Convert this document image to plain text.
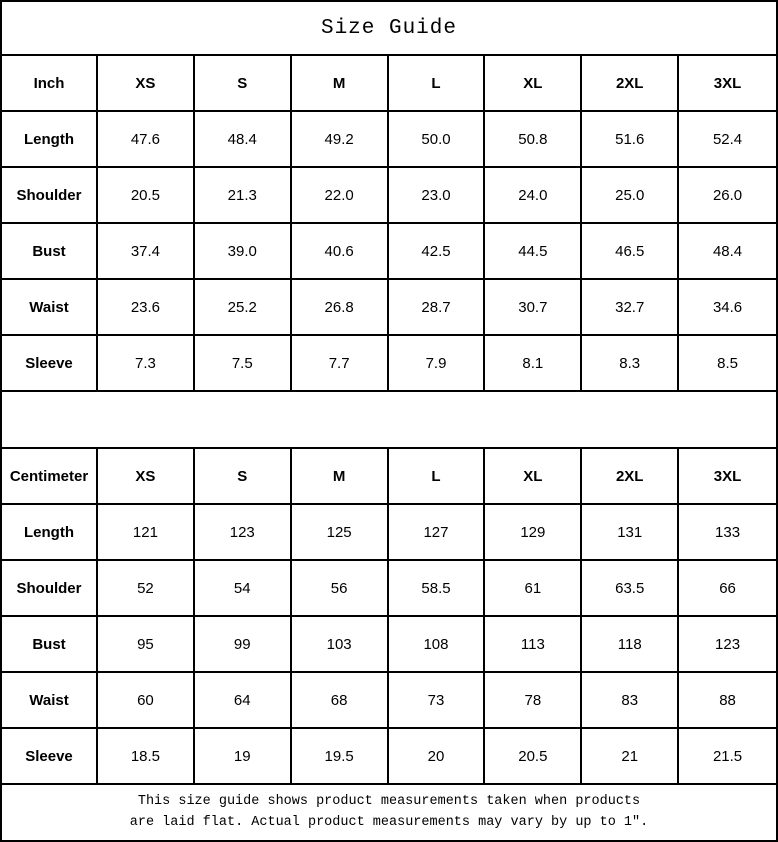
Size Guide
Inch	XS	S	M	L	XL	2XL	3XL
Length	47.6	48.4	49.2	50.0	50.8	51.6	52.4
Shoulder	20.5	21.3	22.0	23.0	24.0	25.0	26.0
Bust	37.4	39.0	40.6	42.5	44.5	46.5	48.4
Waist	23.6	25.2	26.8	28.7	30.7	32.7	34.6
Sleeve	7.3	7.5	7.7	7.9	8.1	8.3	8.5
Centimeter	XS	S	M	L	XL	2XL	3XL
Length	121	123	125	127	129	131	133
Shoulder	52	54	56	58.5	61	63.5	66
Bust	95	99	103	108	113	118	123
Waist	60	64	68	73	78	83	88
Sleeve	18.5	19	19.5	20	20.5	21	21.5
This size guide shows product measurements taken when products
are laid flat. Actual product measurements may vary by up to 1″.
